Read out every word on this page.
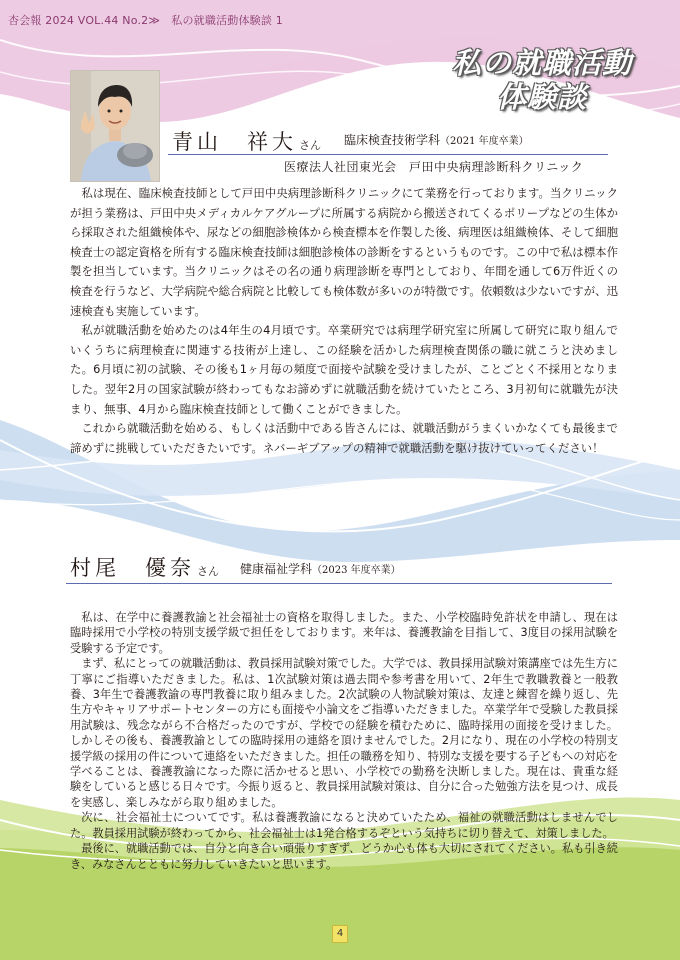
杏会報 2024 VOL.44 No.2≫　私の就職活動体験談 1
私の就職活動
体験談
青山　祥大 さん 臨床検査技術学科（2021 年度卒業）
医療法人社団東光会　戸田中央病理診断科クリニック

私は現在、臨床検査技師として戸田中央病理診断科クリニックにて業務を行っております。当クリニックが担う業務は、戸田中央メディカルケアグループに所属する病院から搬送されてくるポリープなどの生体から採取された組織検体や、尿などの細胞診検体から検査標本を作製した後、病理医は組織検体、そして細胞検査士の認定資格を所有する臨床検査技師は細胞診検体の診断をするというものです。この中で私は標本作製を担当しています。当クリニックはその名の通り病理診断を専門としており、年間を通して6万件近くの検査を行うなど、大学病院や総合病院と比較しても検体数が多いのが特徴です。依頼数は少ないですが、迅速検査も実施しています。

私が就職活動を始めたのは4年生の4月頃です。卒業研究では病理学研究室に所属して研究に取り組んでいくうちに病理検査に関連する技術が上達し、この経験を活かした病理検査関係の職に就こうと決めました。6月頃に初の試験、その後も1ヶ月毎の頻度で面接や試験を受けましたが、ことごとく不採用となりました。翌年2月の国家試験が終わってもなお諦めずに就職活動を続けていたところ、3月初旬に就職先が決まり、無事、4月から臨床検査技師として働くことができました。

これから就職活動を始める、もしくは活動中である皆さんには、就職活動がうまくいかなくても最後まで諦めずに挑戦していただきたいです。ネバーギブアップの精神で就職活動を駆け抜けていってください！

村尾　優奈 さん 健康福祉学科（2023 年度卒業）

私は、在学中に養護教諭と社会福祉士の資格を取得しました。また、小学校臨時免許状を申請し、現在は臨時採用で小学校の特別支援学級で担任をしております。来年は、養護教諭を目指して、3度目の採用試験を受験する予定です。

まず、私にとっての就職活動は、教員採用試験対策でした。大学では、教員採用試験対策講座では先生方に丁寧にご指導いただきました。私は、1次試験対策は過去問や参考書を用いて、2年生で教職教養と一般教養、3年生で養護教諭の専門教養に取り組みました。2次試験の人物試験対策は、友達と練習を繰り返し、先生方やキャリアサポートセンターの方にも面接や小論文をご指導いただきました。卒業学年で受験した教員採用試験は、残念ながら不合格だったのですが、学校での経験を積むために、臨時採用の面接を受けました。しかしその後も、養護教諭としての臨時採用の連絡を頂けませんでした。2月になり、現在の小学校の特別支援学級の採用の件について連絡をいただきました。担任の職務を知り、特別な支援を要する子どもへの対応を学べることは、養護教諭になった際に活かせると思い、小学校での勤務を決断しました。現在は、貴重な経験をしていると感じる日々です。今振り返ると、教員採用試験対策は、自分に合った勉強方法を見つけ、成長を実感し、楽しみながら取り組めました。

次に、社会福祉士についてです。私は養護教諭になると決めていたため、福祉の就職活動はしませんでした。教員採用試験が終わってから、社会福祉士は1発合格するぞという気持ちに切り替えて、対策しました。

最後に、就職活動では、自分と向き合い頑張りすぎず、どうか心も体も大切にされてください。私も引き続き、みなさんとともに努力していきたいと思います。

4
